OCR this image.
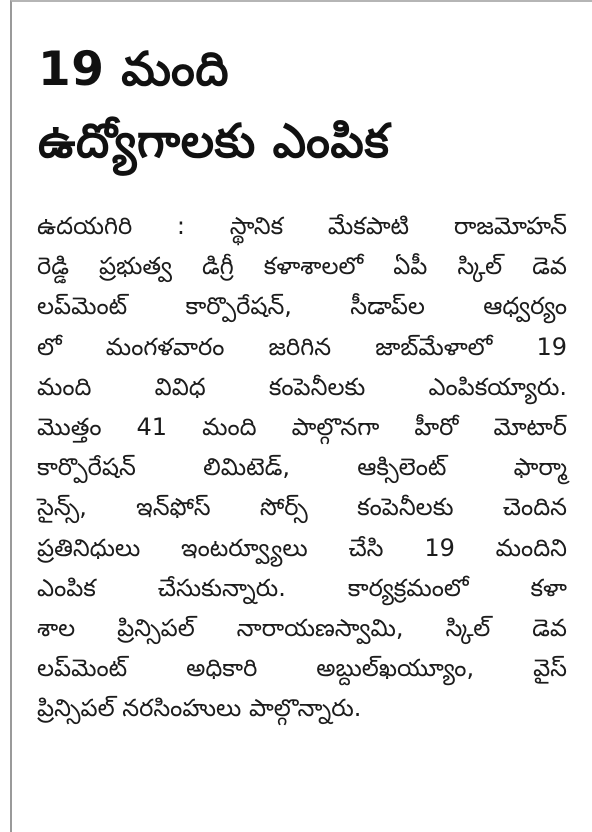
19 మంది
ఉద్యోగాలకు ఎంపిక
ఉదయగిరి : స్థానిక మేకపాటి రాజమోహన్
రెడ్డి ప్రభుత్వ డిగ్రీ కళాశాలలో ఏపీ స్కిల్ డెవ
లప్‌మెంట్ కార్పొరేషన్, సీడాప్‌ల ఆధ్వర్యం
లో మంగళవారం జరిగిన జాబ్‌మేళాలో 19
మంది వివిధ కంపెనీలకు ఎంపికయ్యారు.
మొత్తం 41 మంది పాల్గొనగా హీరో మోటార్
కార్పొరేషన్ లిమిటెడ్, ఆక్సిలెంట్ ఫార్మా
సైన్స్, ఇన్‌ఫోస్ సోర్స్ కంపెనీలకు చెందిన
ప్రతినిధులు ఇంటర్వ్యూలు చేసి 19 మందిని
ఎంపిక చేసుకున్నారు. కార్యక్రమంలో కళా
శాల ప్రిన్సిపల్ నారాయణస్వామి, స్కిల్ డెవ
లప్‌మెంట్ అధికారి అబ్దుల్‌ఖయ్యూం, వైస్
ప్రిన్సిపల్ నరసింహులు పాల్గొన్నారు.
